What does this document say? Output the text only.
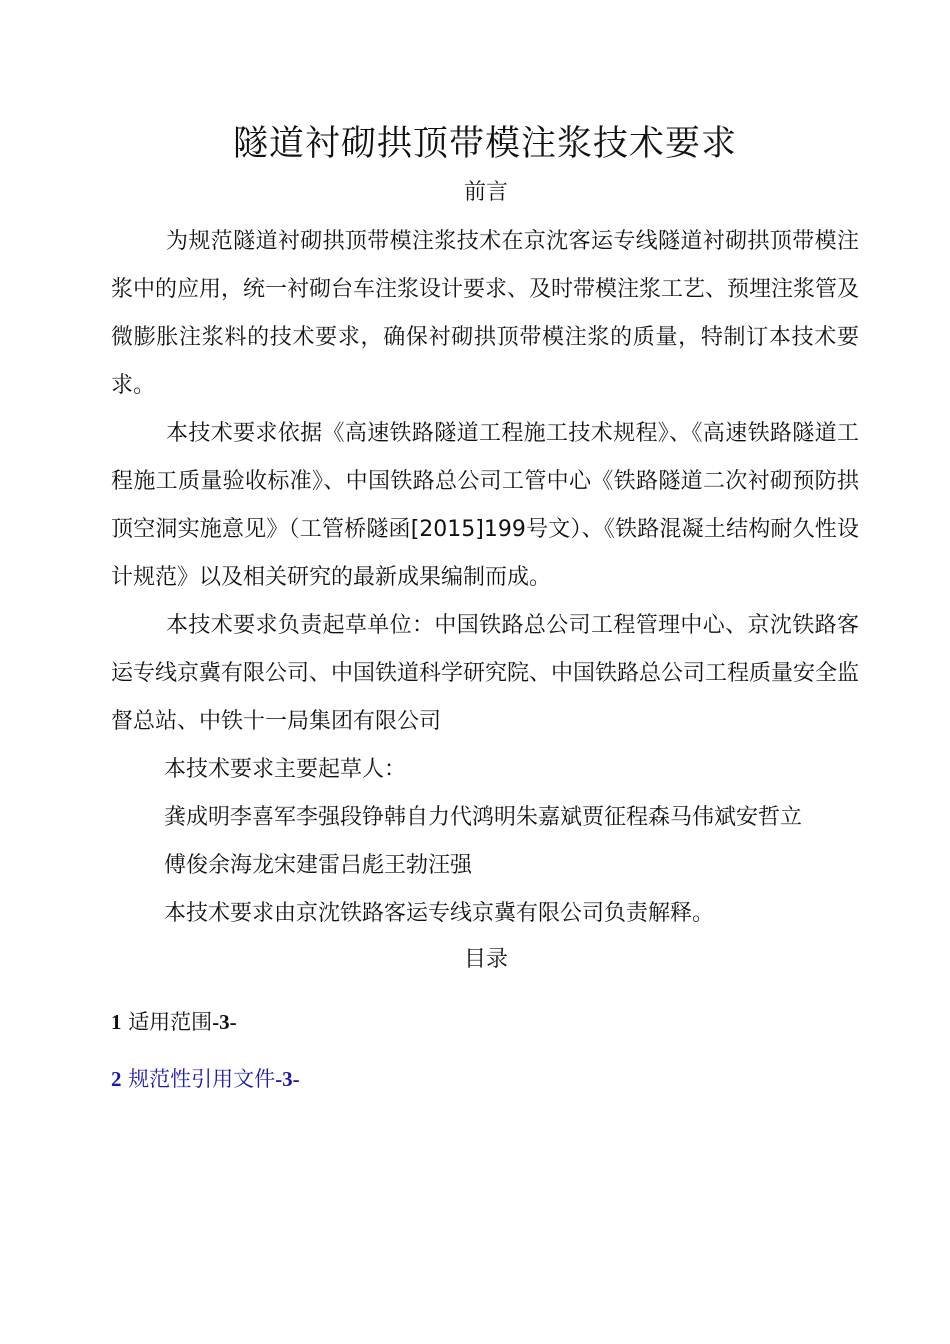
隧道衬砌拱顶带模注浆技术要求
前言

为规范隧道衬砌拱顶带模注浆技术在京沈客运专线隧道衬砌拱顶带模注浆中的应用，统一衬砌台车注浆设计要求、及时带模注浆工艺、预埋注浆管及微膨胀注浆料的技术要求，确保衬砌拱顶带模注浆的质量，特制订本技术要求。

本技术要求依据《高速铁路隧道工程施工技术规程》、《高速铁路隧道工程施工质量验收标准》、中国铁路总公司工管中心《铁路隧道二次衬砌预防拱顶空洞实施意见》（工管桥隧函[2015]199号文）、《铁路混凝土结构耐久性设计规范》以及相关研究的最新成果编制而成。

本技术要求负责起草单位：中国铁路总公司工程管理中心、京沈铁路客运专线京冀有限公司、中国铁道科学研究院、中国铁路总公司工程质量安全监督总站、中铁十一局集团有限公司

本技术要求主要起草人：

龚成明李喜军李强段铮韩自力代鸿明朱嘉斌贾征程森马伟斌安哲立

傅俊余海龙宋建雷吕彪王勃汪强

本技术要求由京沈铁路客运专线京冀有限公司负责解释。

目录
1 适用范围-3-
2 规范性引用文件-3-
